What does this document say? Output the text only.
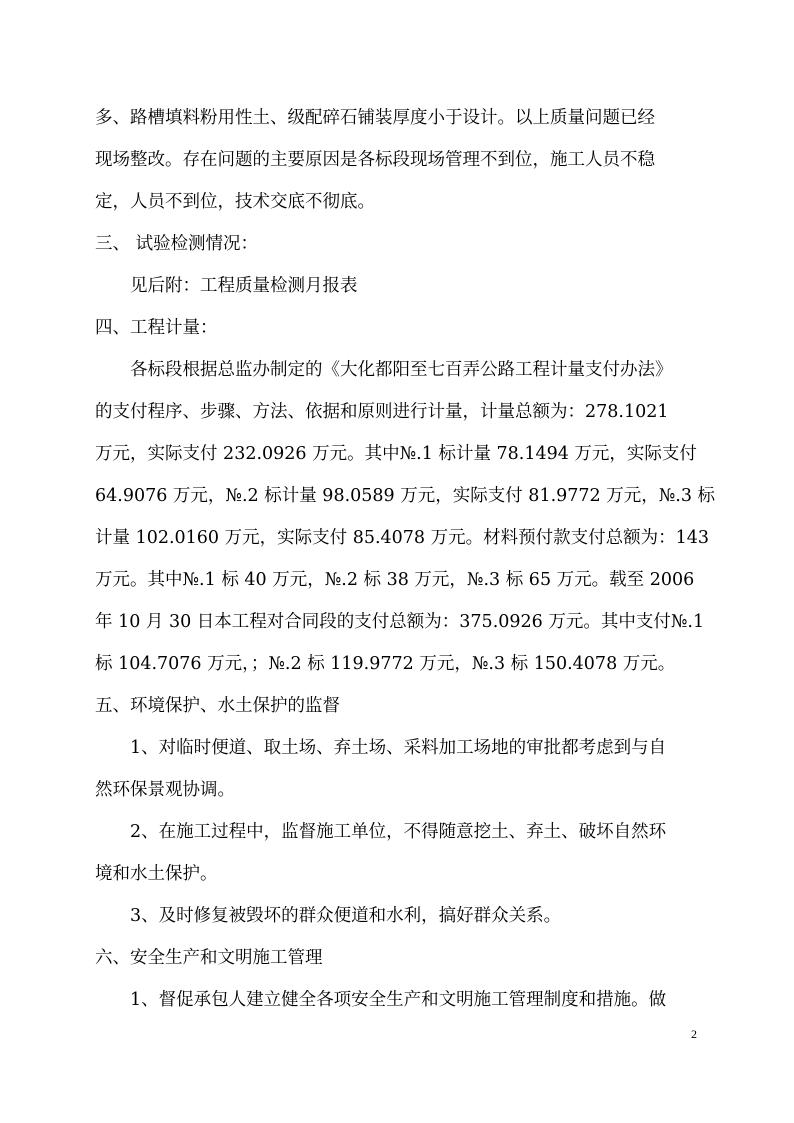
多、路槽填料粉用性土、级配碎石铺装厚度小于设计。以上质量问题已经
现场整改。存在问题的主要原因是各标段现场管理不到位，施工人员不稳
定，人员不到位，技术交底不彻底。
三、 试验检测情况：
见后附：工程质量检测月报表
四、工程计量：
各标段根据总监办制定的《大化都阳至七百弄公路工程计量支付办法》
的支付程序、步骤、方法、依据和原则进行计量，计量总额为：278.1021
万元，实际支付 232.0926 万元。其中№.1 标计量 78.1494 万元，实际支付
64.9076 万元，№.2 标计量 98.0589 万元，实际支付 81.9772 万元，№.3 标
计量 102.0160 万元，实际支付 85.4078 万元。材料预付款支付总额为：143
万元。其中№.1 标 40 万元，№.2 标 38 万元，№.3 标 65 万元。载至 2006
年 10 月 30 日本工程对合同段的支付总额为：375.0926 万元。其中支付№.1
标 104.7076 万元，；№.2 标 119.9772 万元，№.3 标 150.4078 万元。
五、环境保护、水土保护的监督
1、对临时便道、取土场、弃土场、采料加工场地的审批都考虑到与自
然环保景观协调。
2、在施工过程中，监督施工单位，不得随意挖土、弃土、破坏自然环
境和水土保护。
3、及时修复被毁坏的群众便道和水利，搞好群众关系。
六、安全生产和文明施工管理
1、督促承包人建立健全各项安全生产和文明施工管理制度和措施。做
2
